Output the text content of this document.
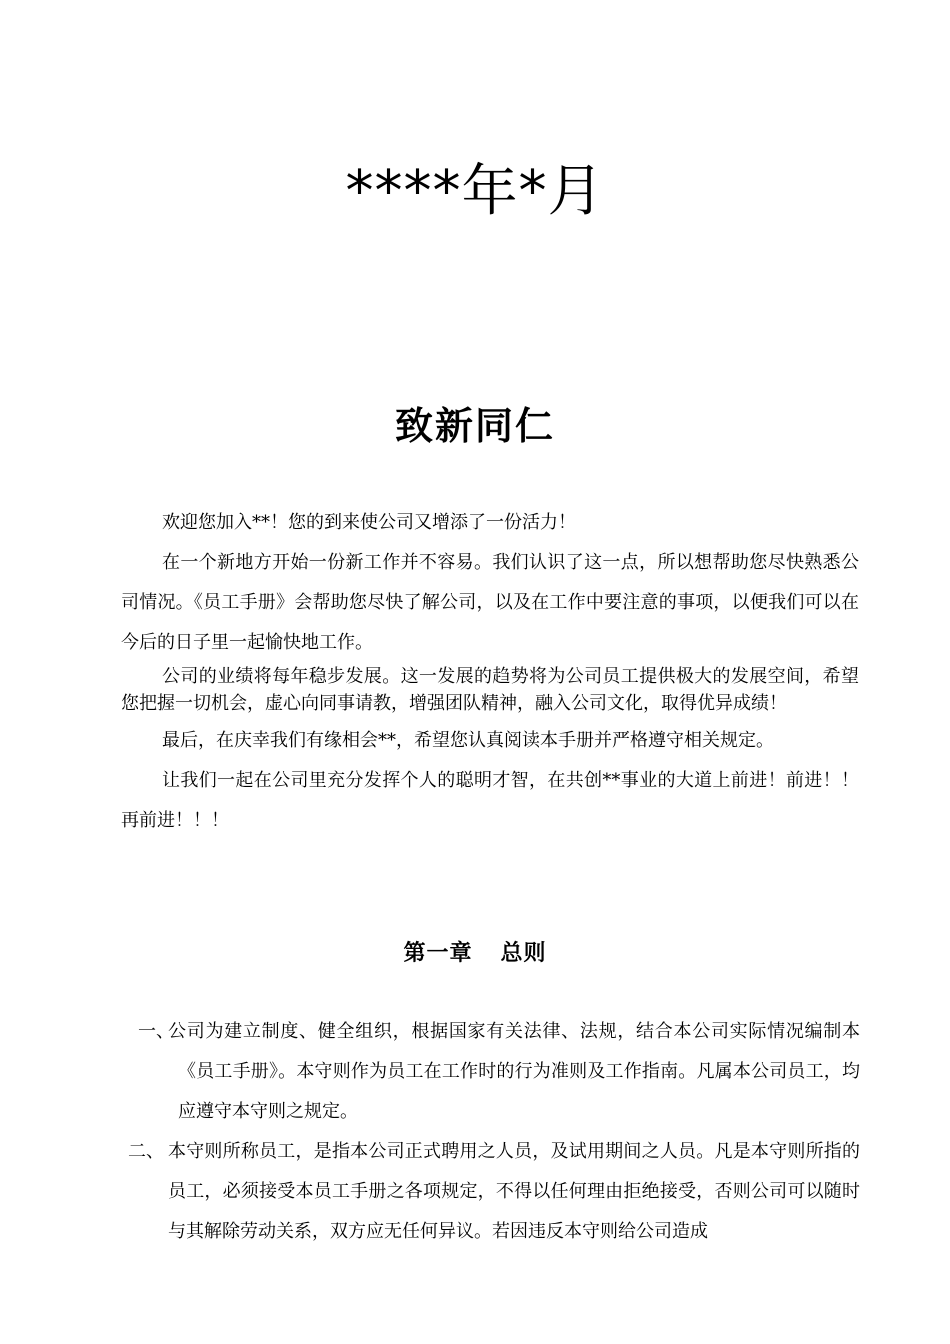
****年*月
致新同仁

欢迎您加入**！您的到来使公司又增添了一份活力！

在一个新地方开始一份新工作并不容易。我们认识了这一点，所以想帮助您尽快熟悉公司情况。《员工手册》会帮助您尽快了解公司，以及在工作中要注意的事项，以便我们可以在今后的日子里一起愉快地工作。

公司的业绩将每年稳步发展。这一发展的趋势将为公司员工提供极大的发展空间，希望您把握一切机会，虚心向同事请教，增强团队精神，融入公司文化，取得优异成绩！

最后，在庆幸我们有缘相会**，希望您认真阅读本手册并严格遵守相关规定。

让我们一起在公司里充分发挥个人的聪明才智，在共创**事业的大道上前进！前进！！再前进！！！

第一章 总则
一、
公司为建立制度、健全组织，根据国家有关法律、法规，结合本公司实际情况编制本《员工手册》。本守则作为员工在工作时的行为准则及工作指南。凡属本公司员工，均应遵守本守则之规定。
二、 本守则所称员工，是指本公司正式聘用之人员，及试用期间之人员。凡是本守则所指的员工，必须接受本员工手册之各项规定，不得以任何理由拒绝接受，否则公司可以随时与其解除劳动关系，双方应无任何异议。若因违反本守则给公司造成
